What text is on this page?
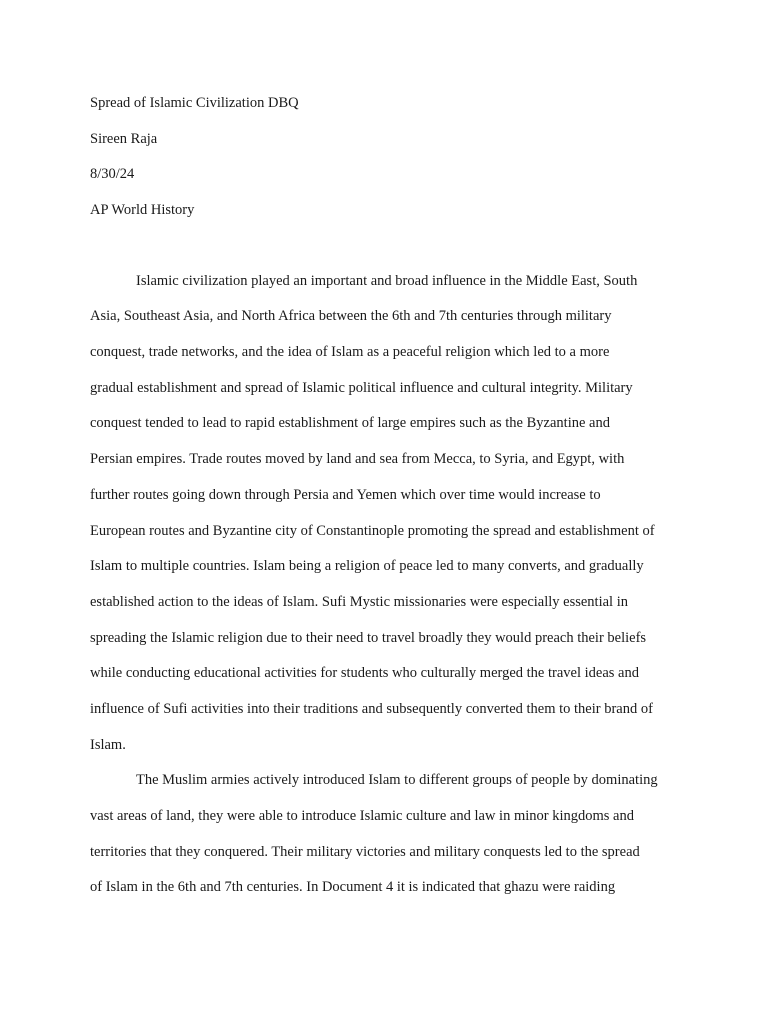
Spread of Islamic Civilization DBQ
Sireen Raja
8/30/24
AP World History
Islamic civilization played an important and broad influence in the Middle East, South
Asia, Southeast Asia, and North Africa between the 6th and 7th centuries through military
conquest, trade networks, and the idea of Islam as a peaceful religion which led to a more
gradual establishment and spread of Islamic political influence and cultural integrity. Military
conquest tended to lead to rapid establishment of large empires such as the Byzantine and
Persian empires. Trade routes moved by land and sea from Mecca, to Syria, and Egypt, with
further routes going down through Persia and Yemen which over time would increase to
European routes and Byzantine city of Constantinople promoting the spread and establishment of
Islam to multiple countries. Islam being a religion of peace led to many converts, and gradually
established action to the ideas of Islam. Sufi Mystic missionaries were especially essential in
spreading the Islamic religion due to their need to travel broadly they would preach their beliefs
while conducting educational activities for students who culturally merged the travel ideas and
influence of Sufi activities into their traditions and subsequently converted them to their brand of
Islam.
The Muslim armies actively introduced Islam to different groups of people by dominating
vast areas of land, they were able to introduce Islamic culture and law in minor kingdoms and
territories that they conquered. Their military victories and military conquests led to the spread
of Islam in the 6th and 7th centuries. In Document 4 it is indicated that ghazu were raiding
